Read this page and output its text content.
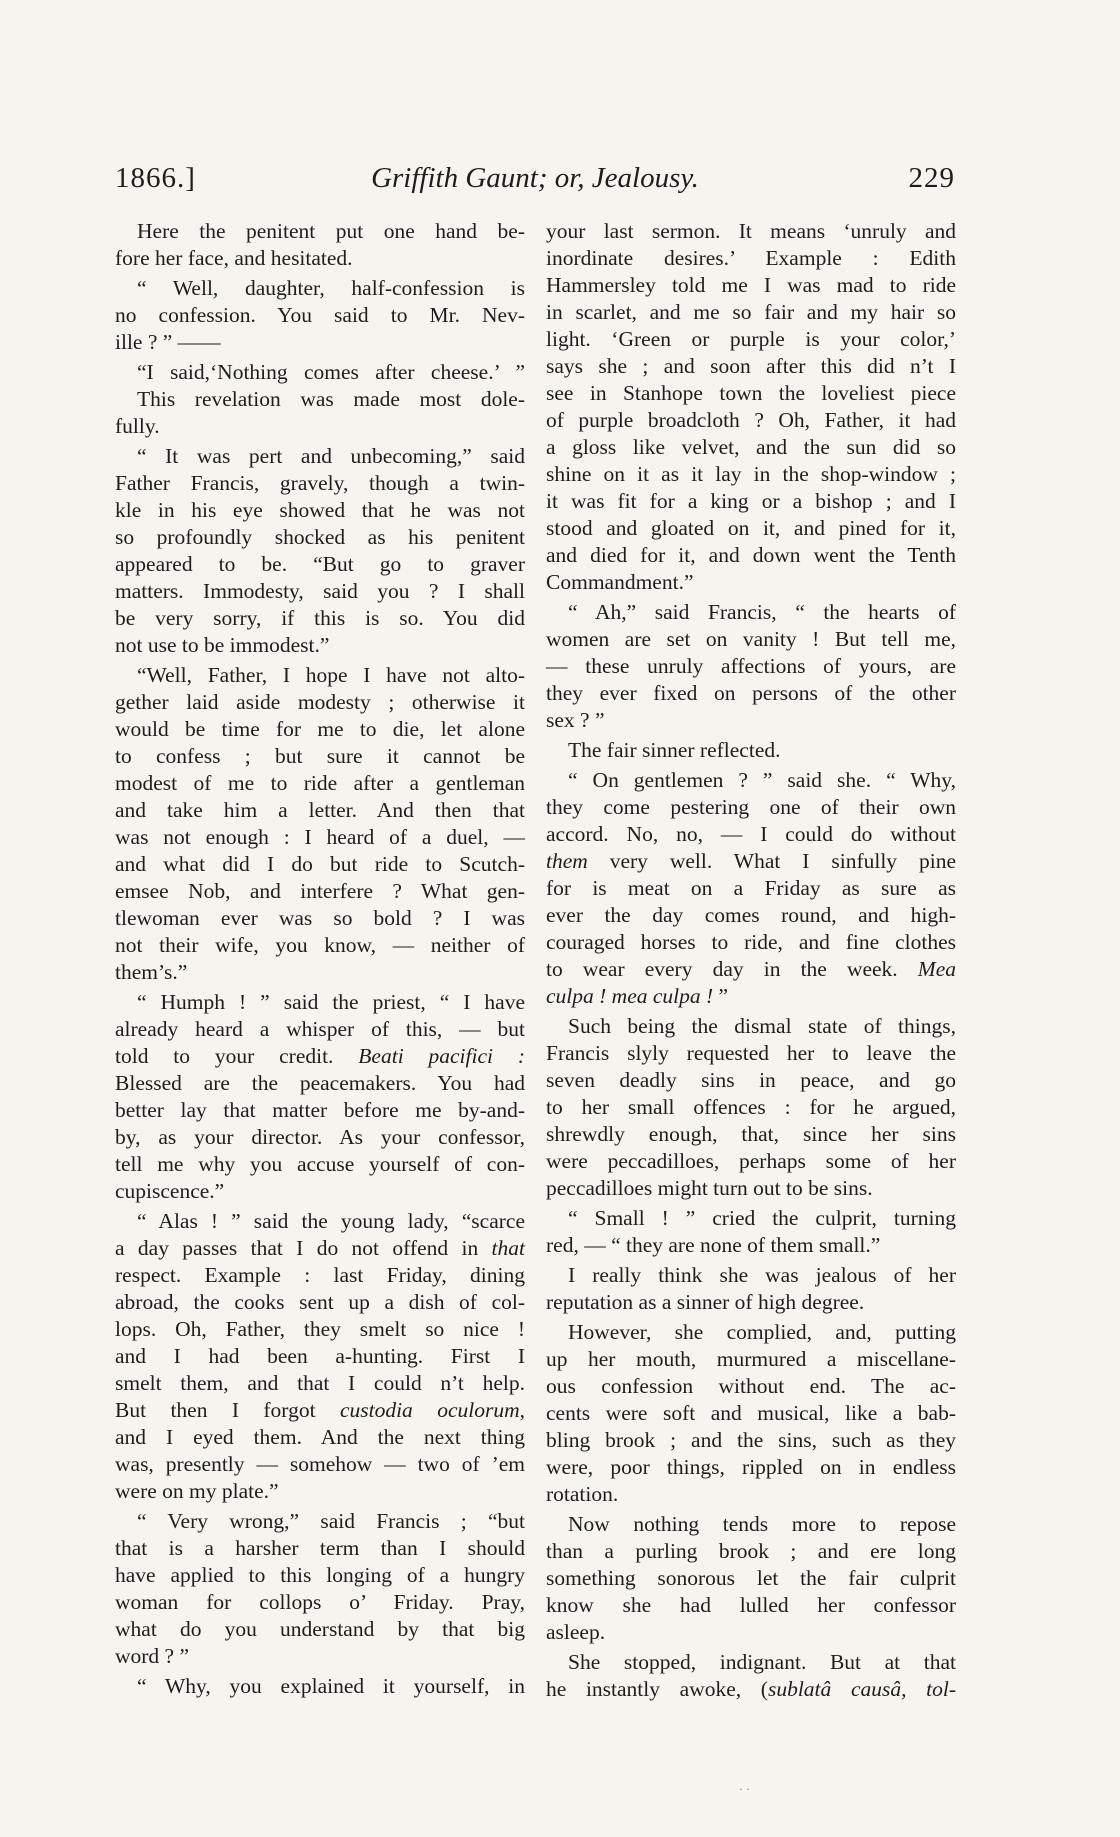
1866.]	Griffith Gaunt; or, Jealousy.	229
Here the penitent put one hand be-
fore her face, and hesitated.
“ Well, daughter, half-confession is
no confession. You said to Mr. Nev-
ille ? ” ——
“I said,‘Nothing comes after cheese.’ ”
This revelation was made most dole-
fully.
“ It was pert and unbecoming,” said
Father Francis, gravely, though a twin-
kle in his eye showed that he was not
so profoundly shocked as his penitent
appeared to be. “But go to graver
matters. Immodesty, said you ? I shall
be very sorry, if this is so. You did
not use to be immodest.”
“Well, Father, I hope I have not alto-
gether laid aside modesty ; otherwise it
would be time for me to die, let alone
to confess ; but sure it cannot be
modest of me to ride after a gentleman
and take him a letter. And then that
was not enough : I heard of a duel, —
and what did I do but ride to Scutch-
emsee Nob, and interfere ? What gen-
tlewoman ever was so bold ? I was
not their wife, you know, — neither of
them’s.”
“ Humph ! ” said the priest, “ I have
already heard a whisper of this, — but
told to your credit. Beati pacifici :
Blessed are the peacemakers. You had
better lay that matter before me by-and-
by, as your director. As your confessor,
tell me why you accuse yourself of con-
cupiscence.”
“ Alas ! ” said the young lady, “scarce
a day passes that I do not offend in that
respect. Example : last Friday, dining
abroad, the cooks sent up a dish of col-
lops. Oh, Father, they smelt so nice !
and I had been a-hunting. First I
smelt them, and that I could n’t help.
But then I forgot custodia oculorum,
and I eyed them. And the next thing
was, presently — somehow — two of ’em
were on my plate.”
“ Very wrong,” said Francis ; “but
that is a harsher term than I should
have applied to this longing of a hungry
woman for collops o’ Friday. Pray,
what do you understand by that big
word ? ”
“ Why, you explained it yourself, in
your last sermon. It means ‘unruly and
inordinate desires.’ Example : Edith
Hammersley told me I was mad to ride
in scarlet, and me so fair and my hair so
light. ‘Green or purple is your color,’
says she ; and soon after this did n’t I
see in Stanhope town the loveliest piece
of purple broadcloth ? Oh, Father, it had
a gloss like velvet, and the sun did so
shine on it as it lay in the shop-window ;
it was fit for a king or a bishop ; and I
stood and gloated on it, and pined for it,
and died for it, and down went the Tenth
Commandment.”
“ Ah,” said Francis, “ the hearts of
women are set on vanity ! But tell me,
— these unruly affections of yours, are
they ever fixed on persons of the other
sex ? ”
The fair sinner reflected.
“ On gentlemen ? ” said she. “ Why,
they come pestering one of their own
accord. No, no, — I could do without
them very well. What I sinfully pine
for is meat on a Friday as sure as
ever the day comes round, and high-
couraged horses to ride, and fine clothes
to wear every day in the week. Mea
culpa ! mea culpa ! ”
Such being the dismal state of things,
Francis slyly requested her to leave the
seven deadly sins in peace, and go
to her small offences : for he argued,
shrewdly enough, that, since her sins
were peccadilloes, perhaps some of her
peccadilloes might turn out to be sins.
“ Small ! ” cried the culprit, turning
red, — “ they are none of them small.”
I really think she was jealous of her
reputation as a sinner of high degree.
However, she complied, and, putting
up her mouth, murmured a miscellane-
ous confession without end. The ac-
cents were soft and musical, like a bab-
bling brook ; and the sins, such as they
were, poor things, rippled on in endless
rotation.
Now nothing tends more to repose
than a purling brook ; and ere long
something sonorous let the fair culprit
know she had lulled her confessor
asleep.
She stopped, indignant. But at that
he instantly awoke, (sublatâ causâ, tol-
· ·
